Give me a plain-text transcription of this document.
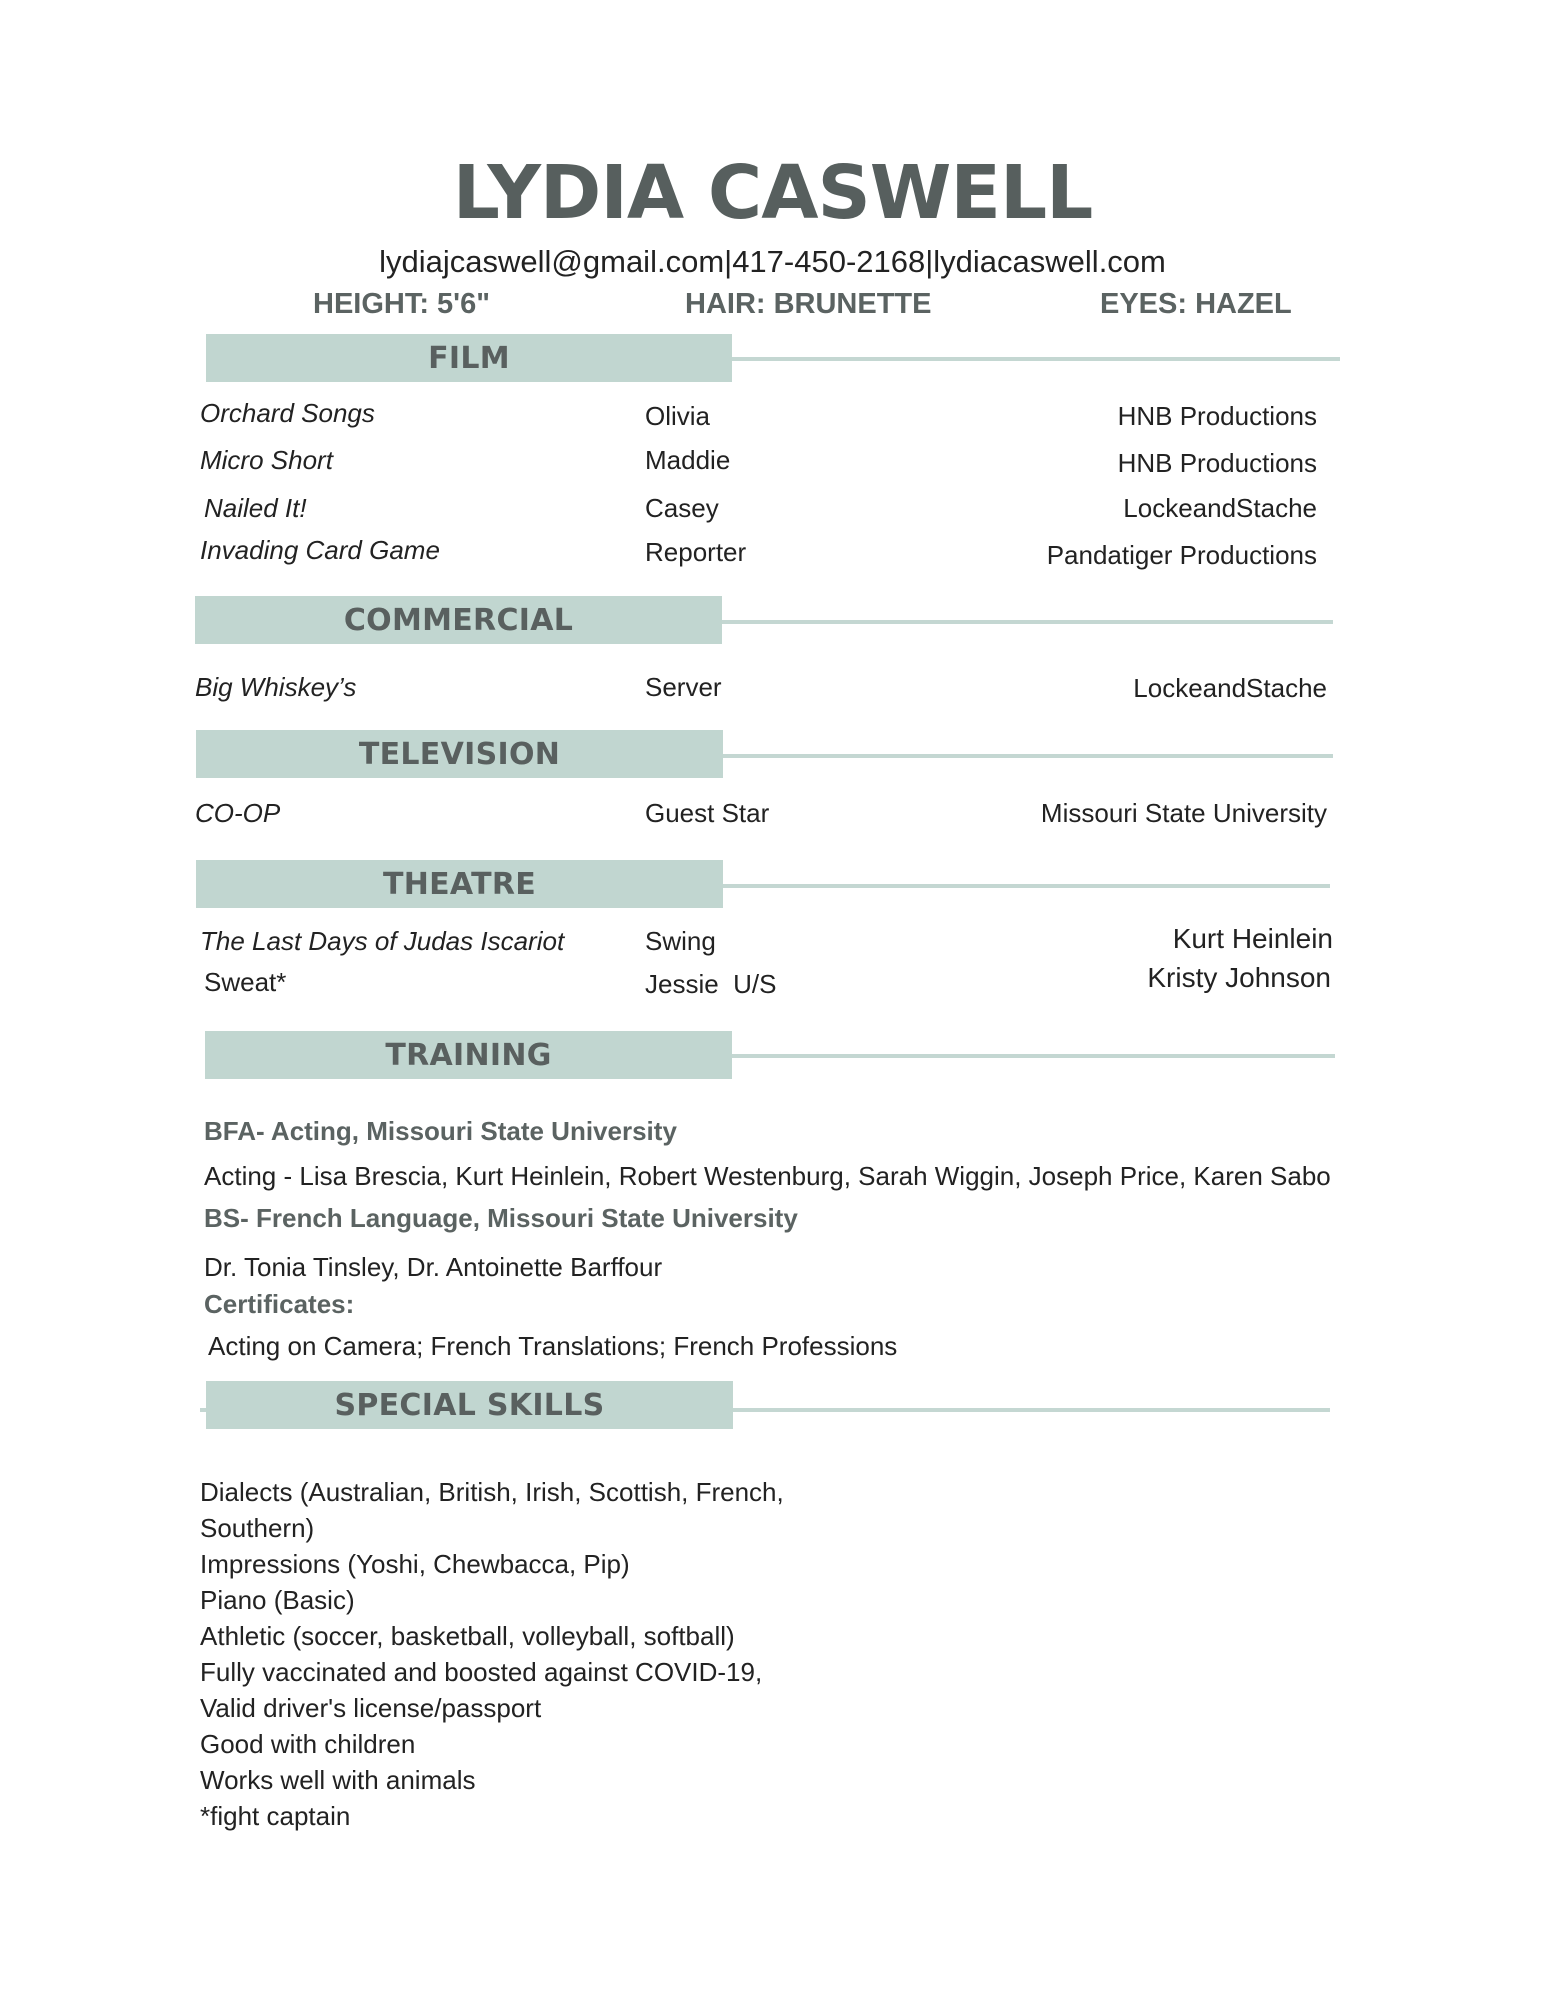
LYDIA CASWELL
lydiajcaswell@gmail.com|417-450-2168|lydiacaswell.com
HEIGHT: 5'6"	HAIR: BRUNETTE	EYES: HAZEL
FILM
Orchard Songs	Olivia	HNB Productions
Micro Short	Maddie	HNB Productions
Nailed It!	Casey	LockeandStache
Invading Card Game	Reporter	Pandatiger Productions
COMMERCIAL
Big Whiskey’s	Server	LockeandStache
TELEVISION
CO-OP	Guest Star	Missouri State University
THEATRE
The Last Days of Judas Iscariot	Swing	Kurt Heinlein
Sweat*	Jessie  U/S	Kristy Johnson
TRAINING
BFA- Acting, Missouri State University
Acting - Lisa Brescia, Kurt Heinlein, Robert Westenburg, Sarah Wiggin, Joseph Price, Karen Sabo
BS- French Language, Missouri State University
Dr. Tonia Tinsley, Dr. Antoinette Barffour
Certificates:
Acting on Camera; French Translations; French Professions
SPECIAL SKILLS
Dialects (Australian, British, Irish, Scottish, French,
Southern)
Impressions (Yoshi, Chewbacca, Pip)
Piano (Basic)
Athletic (soccer, basketball, volleyball, softball)
Fully vaccinated and boosted against COVID-19,
Valid driver's license/passport
Good with children
Works well with animals
*fight captain
